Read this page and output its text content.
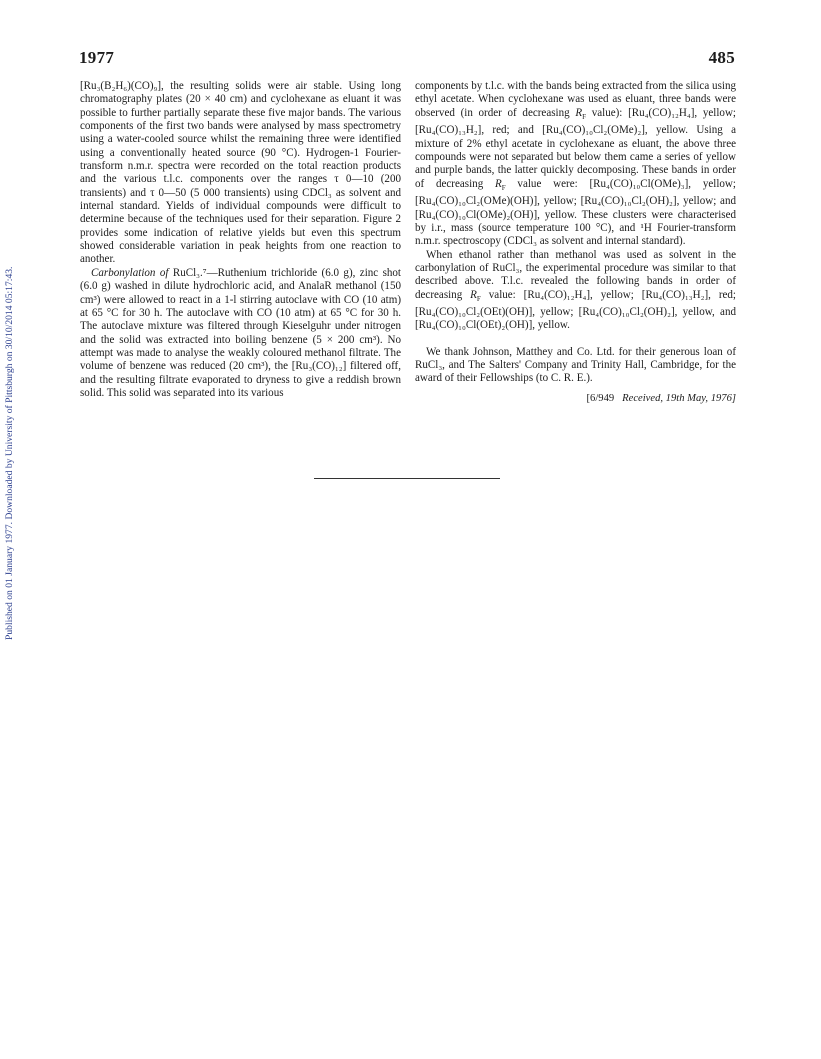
Published on 01 January 1977. Downloaded by University of Pittsburgh on 30/10/2014 05:17:43.
1977	485

[Ru₃(B₂H₆)(CO)₉], the resulting solids were air stable. Using long chromatography plates (20 × 40 cm) and cyclohexane as eluant it was possible to further partially separate these five major bands. The various components of the first two bands were analysed by mass spectrometry using a water-cooled source whilst the remaining three were identified using a conventionally heated source (90 °C). Hydrogen-1 Fourier-transform n.m.r. spectra were recorded on the total reaction products and the various t.l.c. components over the ranges τ 0—10 (200 transients) and τ 0—50 (5 000 transients) using CDCl₃ as solvent and internal standard. Yields of individual compounds were difficult to determine because of the techniques used for their separation. Figure 2 provides some indication of relative yields but even this spectrum showed considerable variation in peak heights from one reaction to another.

Carbonylation of RuCl₃.⁷—Ruthenium trichloride (6.0 g), zinc shot (6.0 g) washed in dilute hydrochloric acid, and AnalaR methanol (150 cm³) were allowed to react in a 1-l stirring autoclave with CO (10 atm) at 65 °C for 30 h. The autoclave with CO (10 atm) at 65 °C for 30 h. The autoclave mixture was filtered through Kieselguhr under nitrogen and the solid was extracted into boiling benzene (5 × 200 cm³). No attempt was made to analyse the weakly coloured methanol filtrate. The volume of benzene was reduced (20 cm³), the [Ru₃(CO)₁₂] filtered off, and the resulting filtrate evaporated to dryness to give a reddish brown solid. This solid was separated into its various

components by t.l.c. with the bands being extracted from the silica using ethyl acetate. When cyclohexane was used as eluant, three bands were observed (in order of decreasing $R_F$ value): [Ru₄(CO)₁₂H₄], yellow; [Ru₄(CO)₁₃H₂], red; and [Ru₄(CO)₁₀Cl₂(OMe)₂], yellow. Using a mixture of 2% ethyl acetate in cyclohexane as eluant, the above three compounds were not separated but below them came a series of yellow and purple bands, the latter quickly decomposing. These bands in order of decreasing $R_F$ value were: [Ru₄(CO)₁₀Cl(OMe)₃], yellow; [Ru₄(CO)₁₀Cl₂(OMe)(OH)], yellow; [Ru₄(CO)₁₀Cl₂(OH)₂], yellow; and [Ru₄(CO)₁₀Cl(OMe)₂(OH)], yellow. These clusters were characterised by i.r., mass (source temperature 100 °C), and ¹H Fourier-transform n.m.r. spectroscopy (CDCl₃ as solvent and internal standard).

When ethanol rather than methanol was used as solvent in the carbonylation of RuCl₃, the experimental procedure was similar to that described above. T.l.c. revealed the following bands in order of decreasing $R_F$ value: [Ru₄(CO)₁₂H₄], yellow; [Ru₄(CO)₁₃H₂], red; [Ru₄(CO)₁₀Cl₂(OEt)(OH)], yellow; [Ru₄(CO)₁₀Cl₂(OH)₂], yellow, and [Ru₄(CO)₁₀Cl(OEt)₂(OH)], yellow.

We thank Johnson, Matthey and Co. Ltd. for their generous loan of RuCl₃, and The Salters' Company and Trinity Hall, Cambridge, for the award of their Fellowships (to C. R. E.).

[6/949 Received, 19th May, 1976]
